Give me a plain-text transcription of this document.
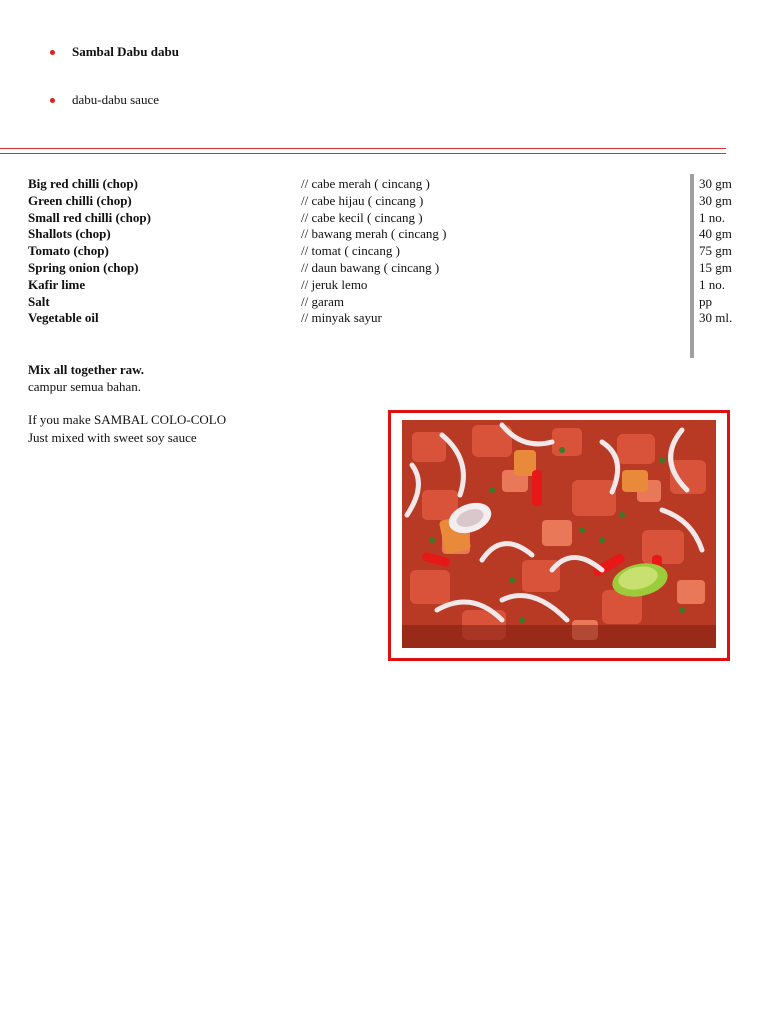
Sambal Dabu dabu
dabu-dabu sauce
Big red chilli (chop)	// cabe merah ( cincang )	30 gm
Green chilli (chop)	// cabe hijau ( cincang )	30 gm
Small red chilli (chop)	// cabe kecil ( cincang )	1 no.
Shallots (chop)	// bawang merah ( cincang )	40 gm
Tomato (chop)	// tomat ( cincang )	75 gm
Spring onion (chop)	// daun bawang ( cincang )	15 gm
Kafir lime	// jeruk lemo	1 no.
Salt	// garam	pp
Vegetable oil	// minyak sayur	30 ml.
Mix all together raw.
campur semua bahan.
If you make SAMBAL COLO-COLO
Just mixed with sweet soy sauce
